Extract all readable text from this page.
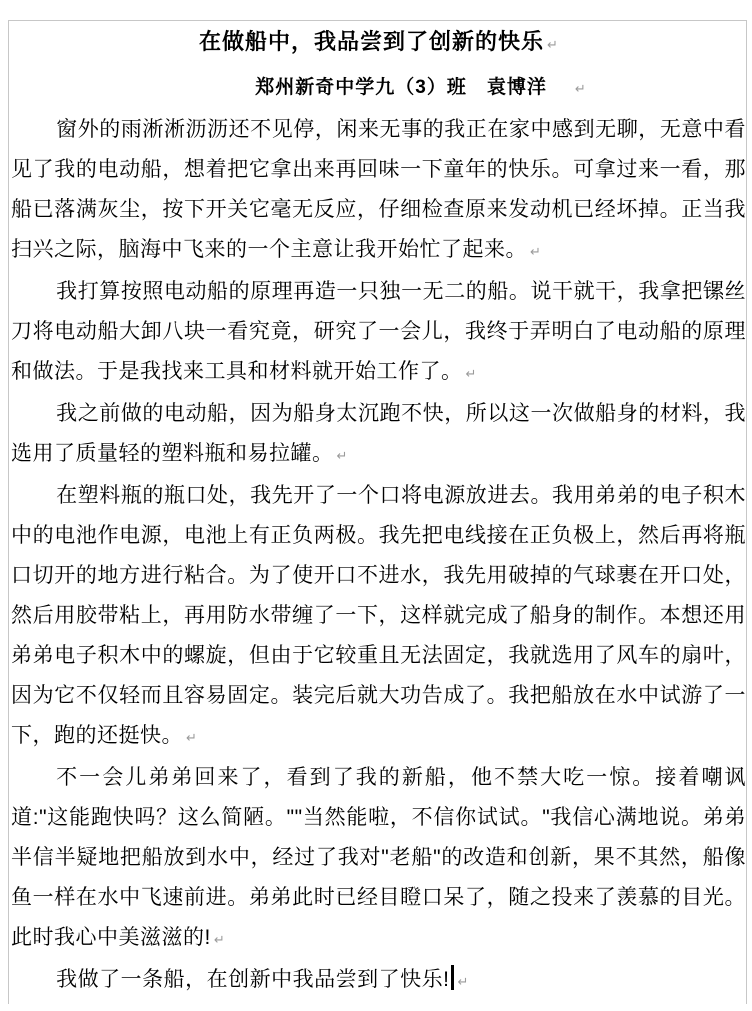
在做船中，我品尝到了创新的快乐 ↵
郑州新奇中学九（3）班　袁博洋 ↵

窗外的雨淅淅沥沥还不见停，闲来无事的我正在家中感到无聊，无意中看见了我的电动船，想着把它拿出来再回味一下童年的快乐。可拿过来一看，那船已落满灰尘，按下开关它毫无反应，仔细检查原来发动机已经坏掉。正当我扫兴之际，脑海中飞来的一个主意让我开始忙了起来。 ↵

我打算按照电动船的原理再造一只独一无二的船。说干就干，我拿把镙丝刀将电动船大卸八块一看究竟，研究了一会儿，我终于弄明白了电动船的原理和做法。于是我找来工具和材料就开始工作了。 ↵

我之前做的电动船，因为船身太沉跑不快，所以这一次做船身的材料，我选用了质量轻的塑料瓶和易拉罐。 ↵

在塑料瓶的瓶口处，我先开了一个口将电源放进去。我用弟弟的电子积木中的电池作电源，电池上有正负两极。我先把电线接在正负极上，然后再将瓶口切开的地方进行粘合。为了使开口不进水，我先用破掉的气球裹在开口处，然后用胶带粘上，再用防水带缠了一下，这样就完成了船身的制作。本想还用弟弟电子积木中的螺旋，但由于它较重且无法固定，我就选用了风车的扇叶，因为它不仅轻而且容易固定。装完后就大功告成了。我把船放在水中试游了一下，跑的还挺快。 ↵

不一会儿弟弟回来了，看到了我的新船，他不禁大吃一惊。接着嘲讽道:"这能跑快吗？这么简陋。""当然能啦，不信你试试。"我信心满地说。弟弟半信半疑地把船放到水中，经过了我对"老船"的改造和创新，果不其然，船像鱼一样在水中飞速前进。弟弟此时已经目瞪口呆了，随之投来了羡慕的目光。此时我心中美滋滋的! ↵

我做了一条船，在创新中我品尝到了快乐! ↵
